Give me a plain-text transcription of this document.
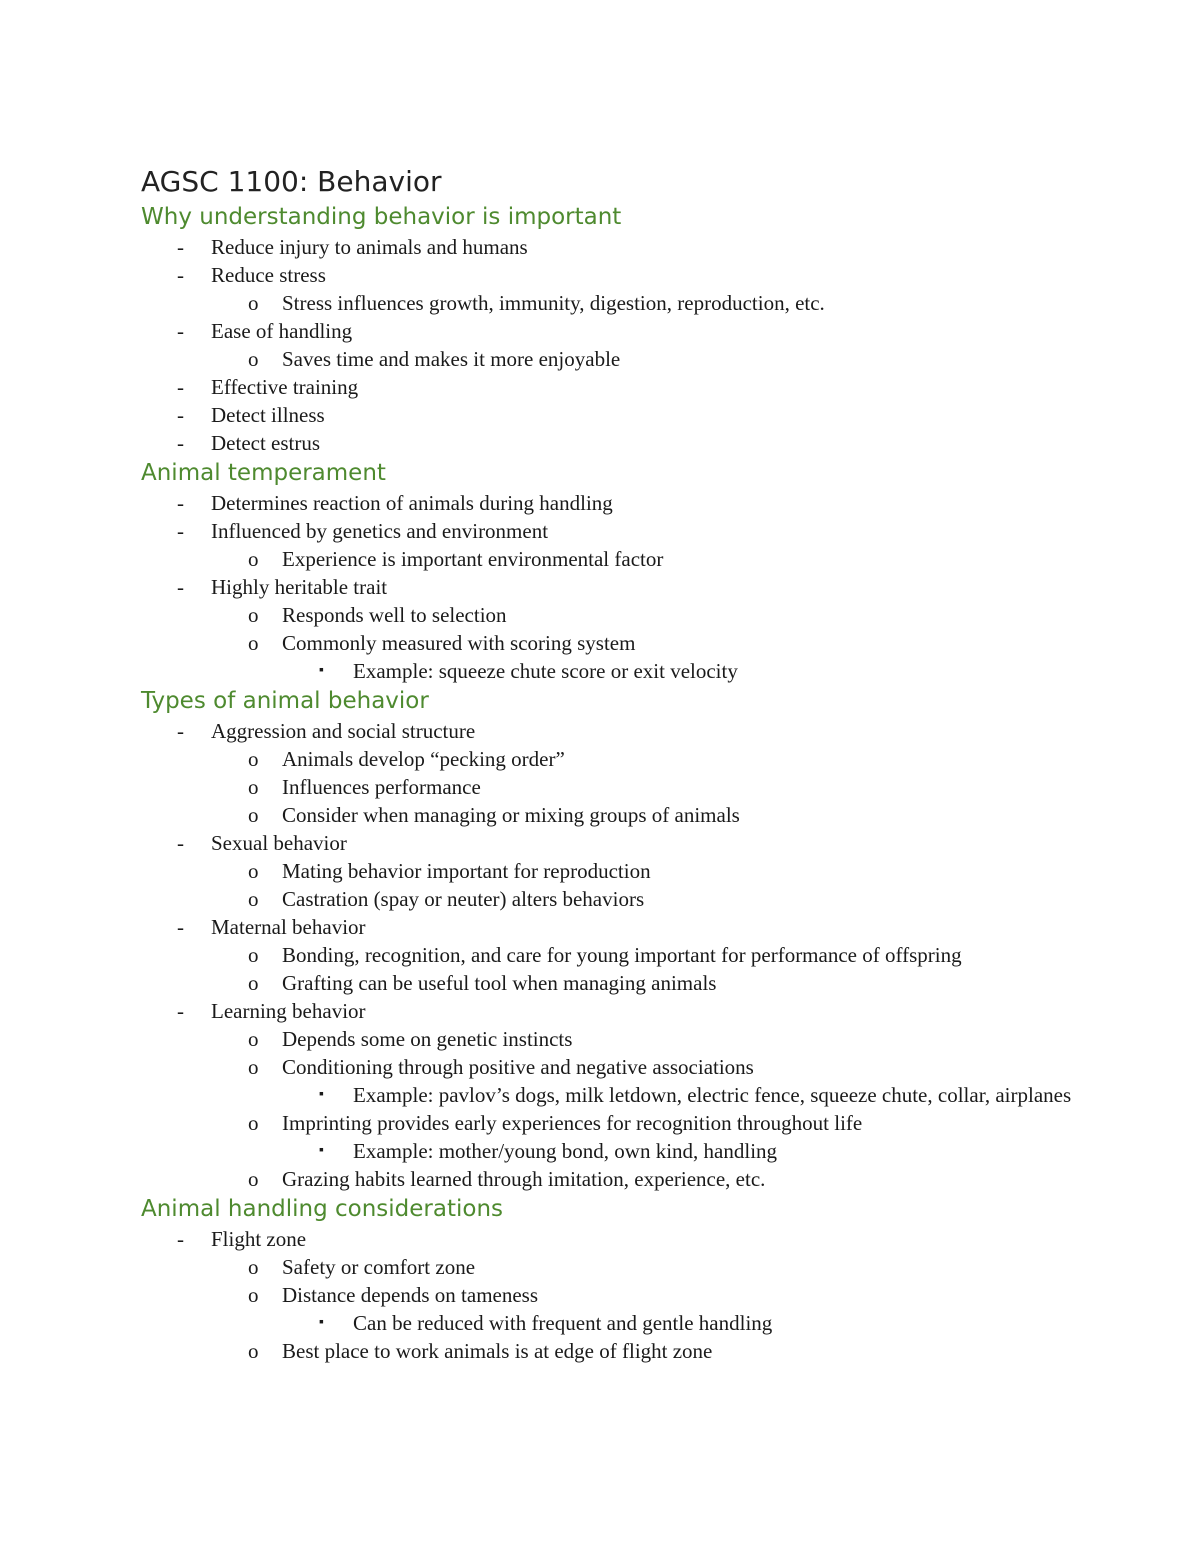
AGSC 1100: Behavior
Why understanding behavior is important
- Reduce injury to animals and humans
- Reduce stress
o Stress influences growth, immunity, digestion, reproduction, etc.
- Ease of handling
o Saves time and makes it more enjoyable
- Effective training
- Detect illness
- Detect estrus
Animal temperament
- Determines reaction of animals during handling
- Influenced by genetics and environment
o Experience is important environmental factor
- Highly heritable trait
o Responds well to selection
o Commonly measured with scoring system
▪ Example: squeeze chute score or exit velocity
Types of animal behavior
- Aggression and social structure
o Animals develop “pecking order”
o Influences performance
o Consider when managing or mixing groups of animals
- Sexual behavior
o Mating behavior important for reproduction
o Castration (spay or neuter) alters behaviors
- Maternal behavior
o Bonding, recognition, and care for young important for performance of offspring
o Grafting can be useful tool when managing animals
- Learning behavior
o Depends some on genetic instincts
o Conditioning through positive and negative associations
▪ Example: pavlov’s dogs, milk letdown, electric fence, squeeze chute, collar, airplanes
o Imprinting provides early experiences for recognition throughout life
▪ Example: mother/young bond, own kind, handling
o Grazing habits learned through imitation, experience, etc.
Animal handling considerations
- Flight zone
o Safety or comfort zone
o Distance depends on tameness
▪ Can be reduced with frequent and gentle handling
o Best place to work animals is at edge of flight zone
